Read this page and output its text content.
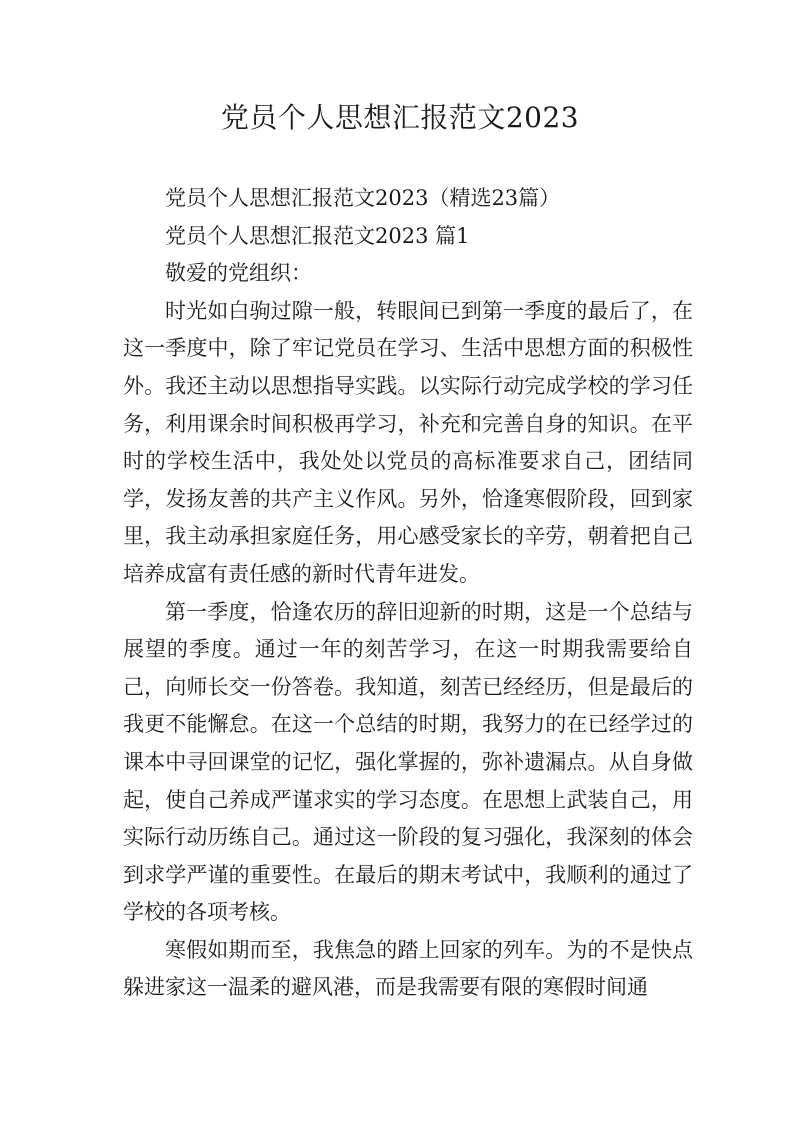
党员个人思想汇报范文2023

党员个人思想汇报范文2023（精选23篇）

党员个人思想汇报范文2023 篇1

敬爱的党组织：

时光如白驹过隙一般，转眼间已到第一季度的最后了，在这一季度中，除了牢记党员在学习、生活中思想方面的积极性外。我还主动以思想指导实践。以实际行动完成学校的学习任务，利用课余时间积极再学习，补充和完善自身的知识。在平时的学校生活中，我处处以党员的高标准要求自己，团结同学，发扬友善的共产主义作风。另外，恰逢寒假阶段，回到家里，我主动承担家庭任务，用心感受家长的辛劳，朝着把自己培养成富有责任感的新时代青年进发。

第一季度，恰逢农历的辞旧迎新的时期，这是一个总结与展望的季度。通过一年的刻苦学习，在这一时期我需要给自己，向师长交一份答卷。我知道，刻苦已经经历，但是最后的我更不能懈怠。在这一个总结的时期，我努力的在已经学过的课本中寻回课堂的记忆，强化掌握的，弥补遗漏点。从自身做起，使自己养成严谨求实的学习态度。在思想上武装自己，用实际行动历练自己。通过这一阶段的复习强化，我深刻的体会到求学严谨的重要性。在最后的期末考试中，我顺利的通过了学校的各项考核。

寒假如期而至，我焦急的踏上回家的列车。为的不是快点躲进家这一温柔的避风港，而是我需要有限的寒假时间通
